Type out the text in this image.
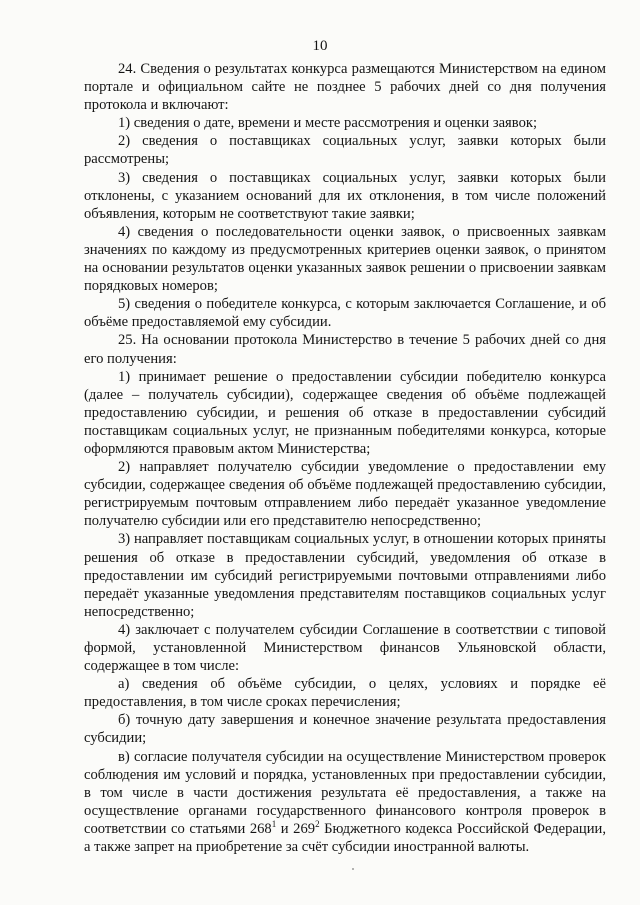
10

24. Сведения о результатах конкурса размещаются Министерством на едином портале и официальном сайте не позднее 5 рабочих дней со дня получения протокола и включают:

1) сведения о дате, времени и месте рассмотрения и оценки заявок;

2) сведения о поставщиках социальных услуг, заявки которых были рассмотрены;

3) сведения о поставщиках социальных услуг, заявки которых были отклонены, с указанием оснований для их отклонения, в том числе положений объявления, которым не соответствуют такие заявки;

4) сведения о последовательности оценки заявок, о присвоенных заявкам значениях по каждому из предусмотренных критериев оценки заявок, о принятом на основании результатов оценки указанных заявок решении о присвоении заявкам порядковых номеров;

5) сведения о победителе конкурса, с которым заключается Соглашение, и об объёме предоставляемой ему субсидии.

25. На основании протокола Министерство в течение 5 рабочих дней со дня его получения:

1) принимает решение о предоставлении субсидии победителю конкурса (далее – получатель субсидии), содержащее сведения об объёме подлежащей предоставлению субсидии, и решения об отказе в предоставлении субсидий поставщикам социальных услуг, не признанным победителями конкурса, которые оформляются правовым актом Министерства;

2) направляет получателю субсидии уведомление о предоставлении ему субсидии, содержащее сведения об объёме подлежащей предоставлению субсидии, регистрируемым почтовым отправлением либо передаёт указанное уведомление получателю субсидии или его представителю непосредственно;

3) направляет поставщикам социальных услуг, в отношении которых приняты решения об отказе в предоставлении субсидий, уведомления об отказе в предоставлении им субсидий регистрируемыми почтовыми отправлениями либо передаёт указанные уведомления представителям поставщиков социальных услуг непосредственно;

4) заключает с получателем субсидии Соглашение в соответствии с типовой формой, установленной Министерством финансов Ульяновской области, содержащее в том числе:

а) сведения об объёме субсидии, о целях, условиях и порядке её предоставления, в том числе сроках перечисления;

б) точную дату завершения и конечное значение результата предоставления субсидии;

в) согласие получателя субсидии на осуществление Министерством проверок соблюдения им условий и порядка, установленных при предоставлении субсидии, в том числе в части достижения результата её предоставления, а также на осуществление органами государственного финансового контроля проверок в соответствии со статьями $268^1$ и $269^2$ Бюджетного кодекса Российской Федерации, а также запрет на приобретение за счёт субсидии иностранной валюты.
